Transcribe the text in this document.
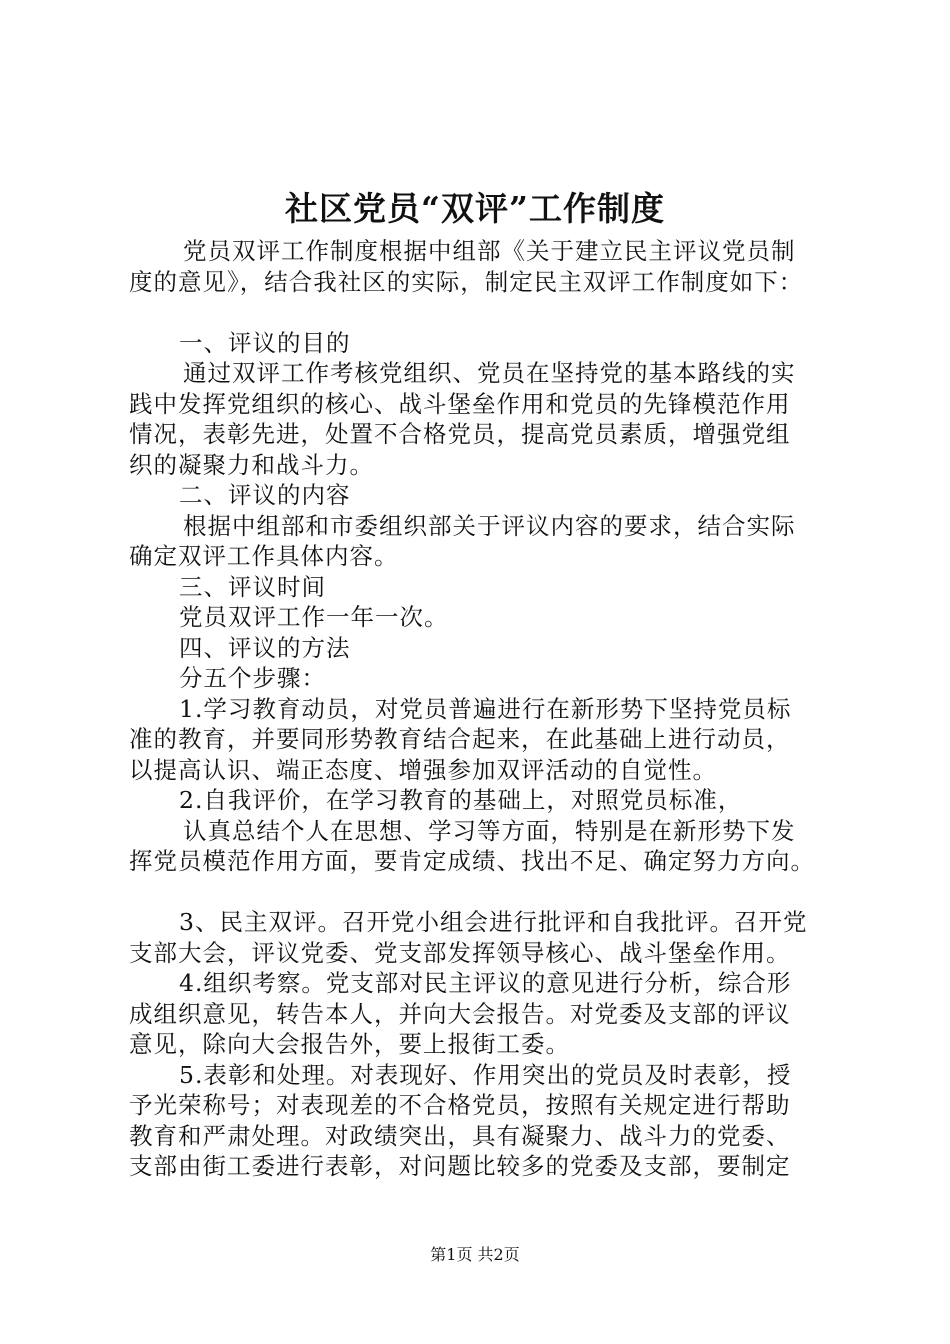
社区党员“双评”工作制度
党员双评工作制度根据中组部《关于建立民主评议党员制
度的意见》，结合我社区的实际，制定民主双评工作制度如下：
一、评议的目的
通过双评工作考核党组织、党员在坚持党的基本路线的实
践中发挥党组织的核心、战斗堡垒作用和党员的先锋模范作用
情况，表彰先进，处置不合格党员，提高党员素质，增强党组
织的凝聚力和战斗力。
二、评议的内容
根据中组部和市委组织部关于评议内容的要求，结合实际
确定双评工作具体内容。
三、评议时间
党员双评工作一年一次。
四、评议的方法
分五个步骤：
1.学习教育动员，对党员普遍进行在新形势下坚持党员标
准的教育，并要同形势教育结合起来，在此基础上进行动员，
以提高认识、端正态度、增强参加双评活动的自觉性。
2.自我评价，在学习教育的基础上，对照党员标准，
认真总结个人在思想、学习等方面，特别是在新形势下发
挥党员模范作用方面，要肯定成绩、找出不足、确定努力方向。
3、民主双评。召开党小组会进行批评和自我批评。召开党
支部大会，评议党委、党支部发挥领导核心、战斗堡垒作用。
4.组织考察。党支部对民主评议的意见进行分析，综合形
成组织意见，转告本人，并向大会报告。对党委及支部的评议
意见，除向大会报告外，要上报街工委。
5.表彰和处理。对表现好、作用突出的党员及时表彰，授
予光荣称号；对表现差的不合格党员，按照有关规定进行帮助
教育和严肃处理。对政绩突出，具有凝聚力、战斗力的党委、
支部由街工委进行表彰，对问题比较多的党委及支部，要制定
第1页 共2页
